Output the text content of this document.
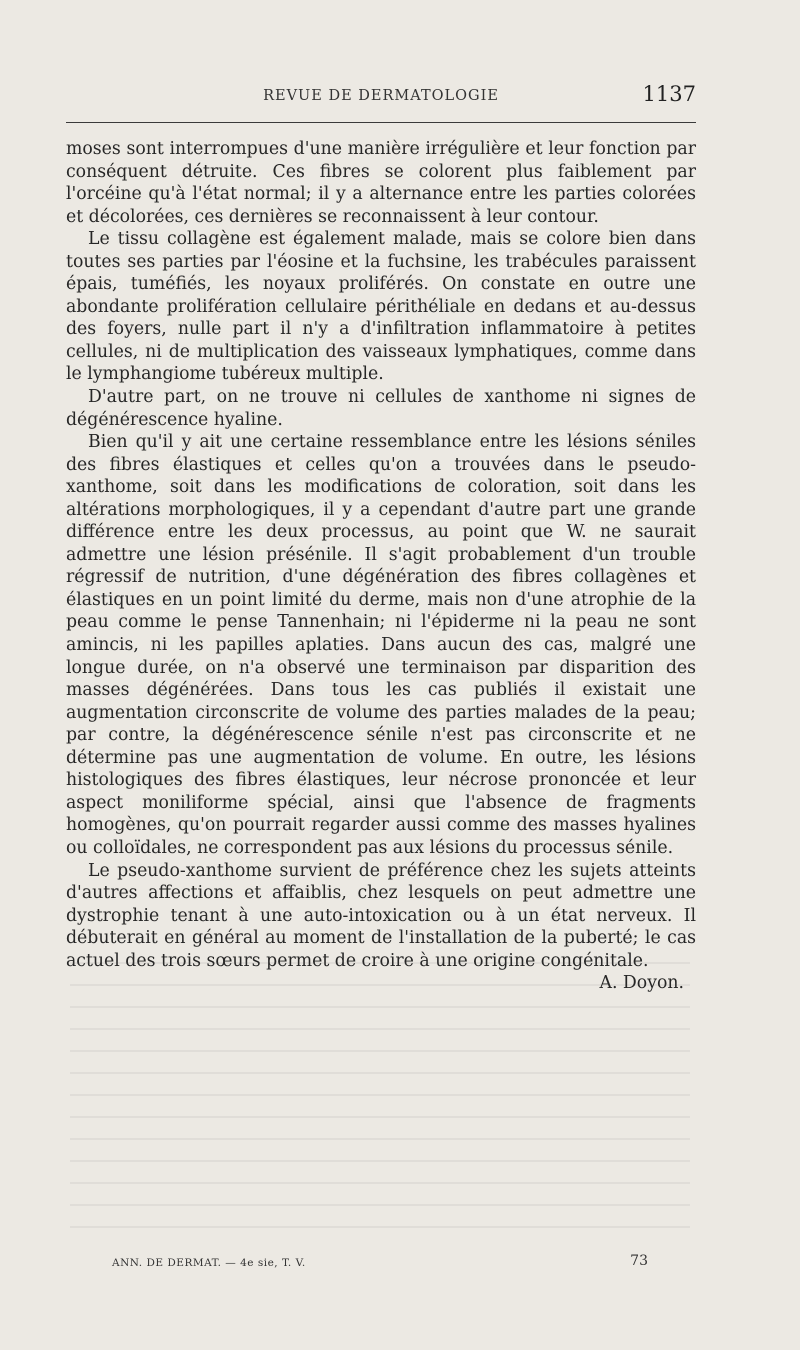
REVUE DE DERMATOLOGIE	1137

moses sont interrompues d'une manière irrégulière et leur fonction par conséquent détruite. Ces fibres se colorent plus faiblement par l'orcéine qu'à l'état normal; il y a alternance entre les parties colorées et décolorées, ces dernières se reconnaissent à leur contour.

Le tissu collagène est également malade, mais se colore bien dans toutes ses parties par l'éosine et la fuchsine, les trabécules paraissent épais, tuméfiés, les noyaux proliférés. On constate en outre une abondante prolifération cellulaire périthéliale en dedans et au-dessus des foyers, nulle part il n'y a d'infiltration inflammatoire à petites cellules, ni de multiplication des vaisseaux lymphatiques, comme dans le lymphangiome tubéreux multiple.

D'autre part, on ne trouve ni cellules de xanthome ni signes de dégénérescence hyaline.

Bien qu'il y ait une certaine ressemblance entre les lésions séniles des fibres élastiques et celles qu'on a trouvées dans le pseudo-xanthome, soit dans les modifications de coloration, soit dans les altérations morphologiques, il y a cependant d'autre part une grande différence entre les deux processus, au point que W. ne saurait admettre une lésion présénile. Il s'agit probablement d'un trouble régressif de nutrition, d'une dégénération des fibres collagènes et élastiques en un point limité du derme, mais non d'une atrophie de la peau comme le pense Tannenhain; ni l'épiderme ni la peau ne sont amincis, ni les papilles aplaties. Dans aucun des cas, malgré une longue durée, on n'a observé une terminaison par disparition des masses dégénérées. Dans tous les cas publiés il existait une augmentation circonscrite de volume des parties malades de la peau; par contre, la dégénérescence sénile n'est pas circonscrite et ne détermine pas une augmentation de volume. En outre, les lésions histologiques des fibres élastiques, leur nécrose prononcée et leur aspect moniliforme spécial, ainsi que l'absence de fragments homogènes, qu'on pourrait regarder aussi comme des masses hyalines ou colloïdales, ne correspondent pas aux lésions du processus sénile.

Le pseudo-xanthome survient de préférence chez les sujets atteints d'autres affections et affaiblis, chez lesquels on peut admettre une dystrophie tenant à une auto-intoxication ou à un état nerveux. Il débuterait en général au moment de l'installation de la puberté; le cas actuel des trois sœurs permet de croire à une origine congénitale.
A. Doyon.

ANN. DE DERMAT. — 4e sie, T. V.	73
